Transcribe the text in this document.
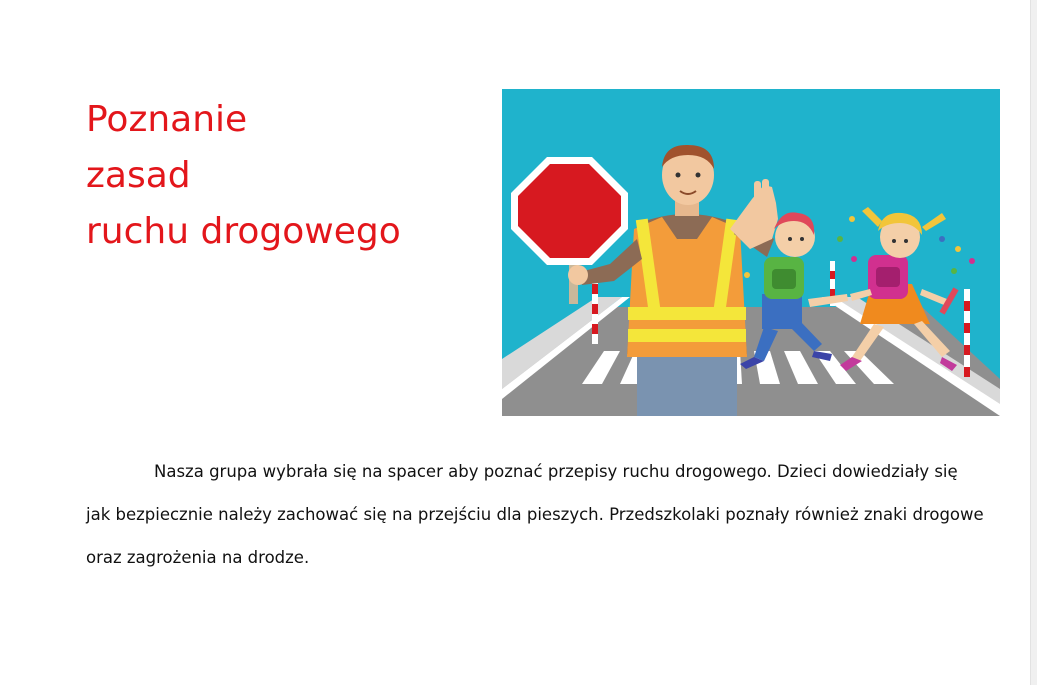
Poznanie
zasad
ruchu drogowego

Nasza grupa wybrała się na spacer aby poznać przepisy ruchu drogowego. Dzieci dowiedziały się jak bezpiecznie należy zachować się na przejściu dla pieszych. Przedszkolaki poznały również znaki drogowe oraz zagrożenia na drodze.
